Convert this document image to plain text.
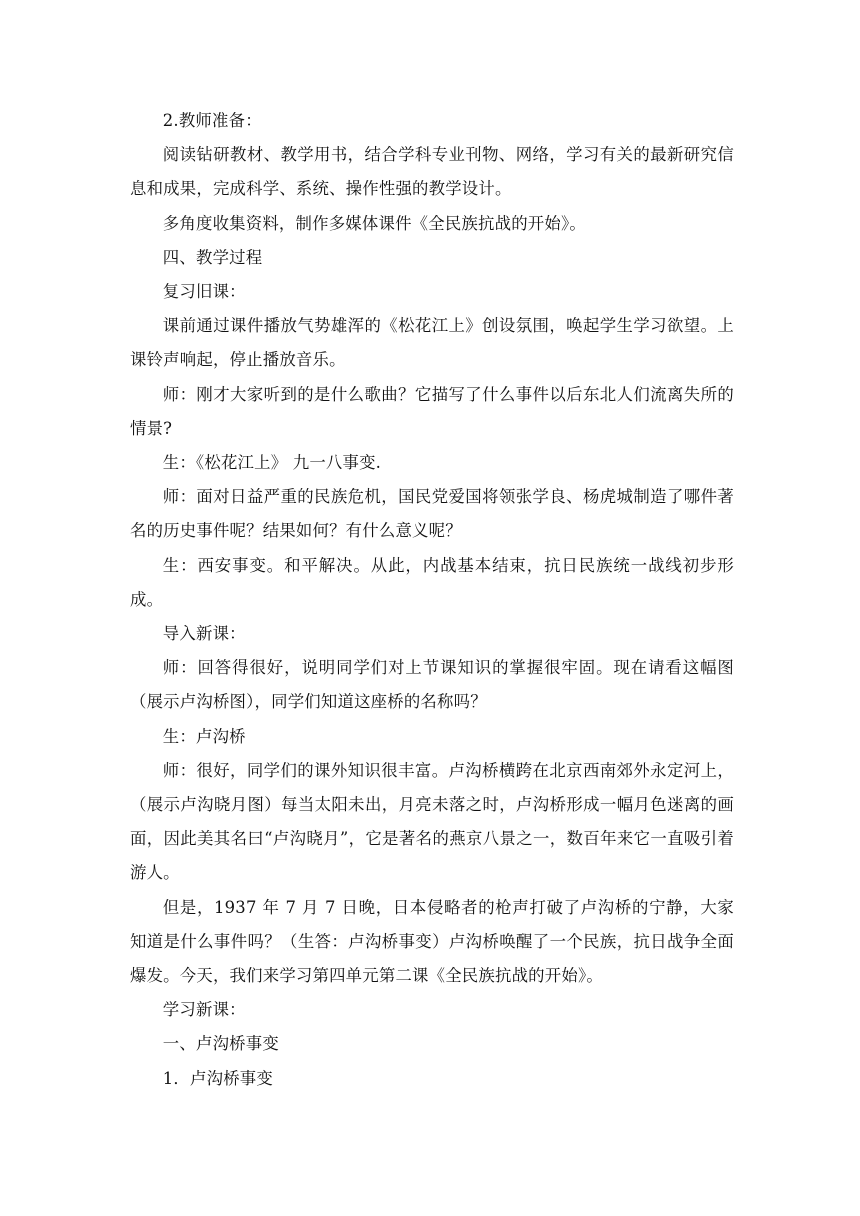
2.教师准备：

阅读钻研教材、教学用书，结合学科专业刊物、网络，学习有关的最新研究信息和成果，完成科学、系统、操作性强的教学设计。

多角度收集资料，制作多媒体课件《全民族抗战的开始》。

四、教学过程

复习旧课：

课前通过课件播放气势雄浑的《松花江上》创设氛围，唤起学生学习欲望。上课铃声响起，停止播放音乐。

师：刚才大家听到的是什么歌曲？它描写了什么事件以后东北人们流离失所的情景?

生：《松花江上》 九一八事变.

师：面对日益严重的民族危机，国民党爱国将领张学良、杨虎城制造了哪件著名的历史事件呢？结果如何？有什么意义呢？

生：西安事变。和平解决。从此，内战基本结束，抗日民族统一战线初步形成。

导入新课：

师：回答得很好，说明同学们对上节课知识的掌握很牢固。现在请看这幅图（展示卢沟桥图），同学们知道这座桥的名称吗？

生：卢沟桥

师：很好，同学们的课外知识很丰富。卢沟桥横跨在北京西南郊外永定河上，（展示卢沟晓月图）每当太阳未出，月亮未落之时，卢沟桥形成一幅月色迷离的画面，因此美其名曰“卢沟晓月”，它是著名的燕京八景之一，数百年来它一直吸引着游人。

但是，1937 年 7 月 7 日晚，日本侵略者的枪声打破了卢沟桥的宁静，大家知道是什么事件吗？（生答：卢沟桥事变）卢沟桥唤醒了一个民族，抗日战争全面爆发。今天，我们来学习第四单元第二课《全民族抗战的开始》。

学习新课：

一、卢沟桥事变

1．卢沟桥事变
